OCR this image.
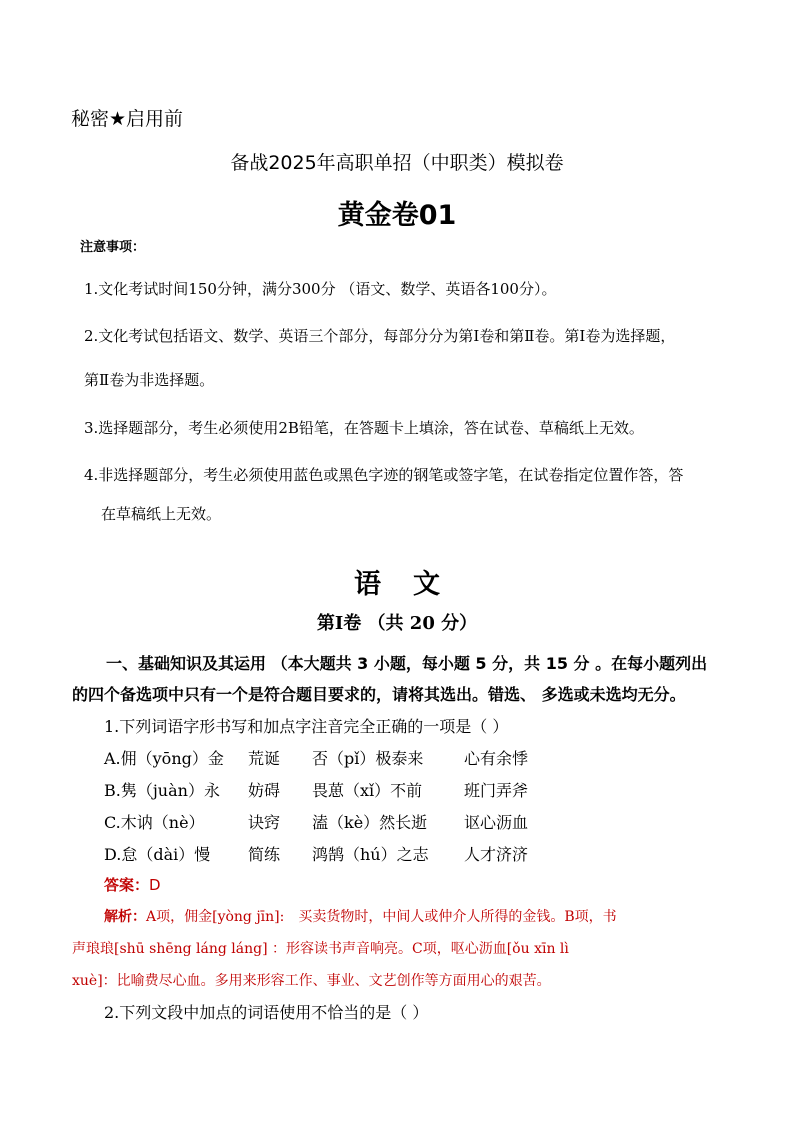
秘密★启用前
备战2025年高职单招（中职类）模拟卷
黄金卷01
注意事项：
1.文化考试时间150分钟，满分300分 （语文、数学、英语各100分）。
2.文化考试包括语文、数学、英语三个部分，每部分分为第Ⅰ卷和第Ⅱ卷。第Ⅰ卷为选择题，
第Ⅱ卷为非选择题。
3.选择题部分，考生必须使用2B铅笔，在答题卡上填涂，答在试卷、草稿纸上无效。
4.非选择题部分，考生必须使用蓝色或黑色字迹的钢笔或签字笔，在试卷指定位置作答，答
在草稿纸上无效。
语文
第Ⅰ卷 （共 20 分）
一、基础知识及其运用 （本大题共 3 小题，每小题 5 分，共 15 分 。在每小题列出
的四个备选项中只有一个是符合题目要求的，请将其选出。错选、 多选或未选均无分。
1.下列词语字形书写和加点字注音完全正确的一项是（ ）
A.佣（yōng）金 荒诞 否（pǐ）极泰来	心有余悸
B.隽（juàn）永 妨碍 畏葸（xǐ）不前	班门弄斧
C.木讷（nè）	诀窍 溘（kè）然长逝 讴心沥血
D.怠（dài）慢 简练 鸿鹄（hú）之志 人才济济
答案：D
解析：A项，佣金[yòng jīn]:　买卖货物时，中间人或仲介人所得的金钱。B项，书
声琅琅[shū shēng láng láng] ：形容读书声音响亮。C项，呕心沥血[ǒu xīn lì
xuè]：比喻费尽心血。多用来形容工作、事业、文艺创作等方面用心的艰苦。
2.下列文段中加点的词语使用不恰当的是（ ）
